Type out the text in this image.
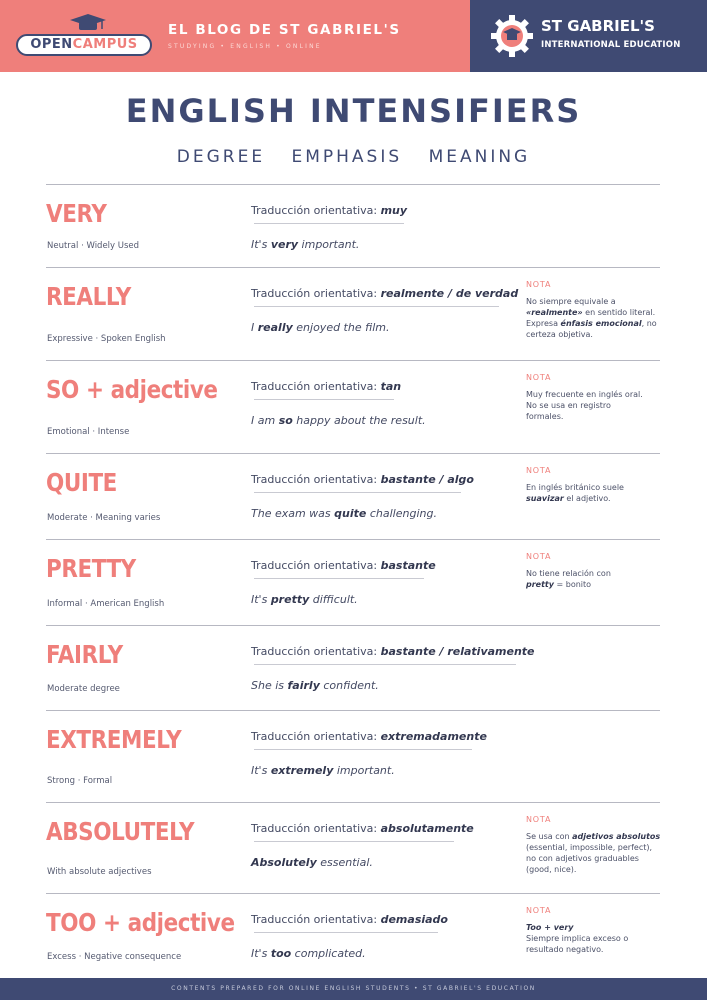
OPENCAMPUS
EL BLOG DE ST GABRIEL'S
STUDYING • ENGLISH • ONLINE
ST GABRIEL'S
INTERNATIONAL EDUCATION
ENGLISH INTENSIFIERS
DEGREE EMPHASIS MEANING
VERY
Neutral · Widely Used
Traducción orientativa: muy
It's very important.
REALLY
Expressive · Spoken English
Traducción orientativa: realmente / de verdad
I really enjoyed the film.
NOTA
No siempre equivale a
«realmente» en sentido literal.
Expresa énfasis emocional, no
certeza objetiva.
SO + adjective
Emotional · Intense
Traducción orientativa: tan
I am so happy about the result.
NOTA
Muy frecuente en inglés oral.
No se usa en registro
formales.
QUITE
Moderate · Meaning varies
Traducción orientativa: bastante / algo
The exam was quite challenging.
NOTA
En inglés británico suele
suavizar el adjetivo.
PRETTY
Informal · American English
Traducción orientativa: bastante
It's pretty difficult.
NOTA
No tiene relación con
pretty = bonito
FAIRLY
Moderate degree
Traducción orientativa: bastante / relativamente
She is fairly confident.
EXTREMELY
Strong · Formal
Traducción orientativa: extremadamente
It's extremely important.
ABSOLUTELY
With absolute adjectives
Traducción orientativa: absolutamente
Absolutely essential.
NOTA
Se usa con adjetivos absolutos
(essential, impossible, perfect),
no con adjetivos graduables
(good, nice).
TOO + adjective
Excess · Negative consequence
Traducción orientativa: demasiado
It's too complicated.
NOTA
Too + very
Siempre implica exceso o
resultado negativo.
CONTENTS PREPARED FOR ONLINE ENGLISH STUDENTS • ST GABRIEL'S EDUCATION
